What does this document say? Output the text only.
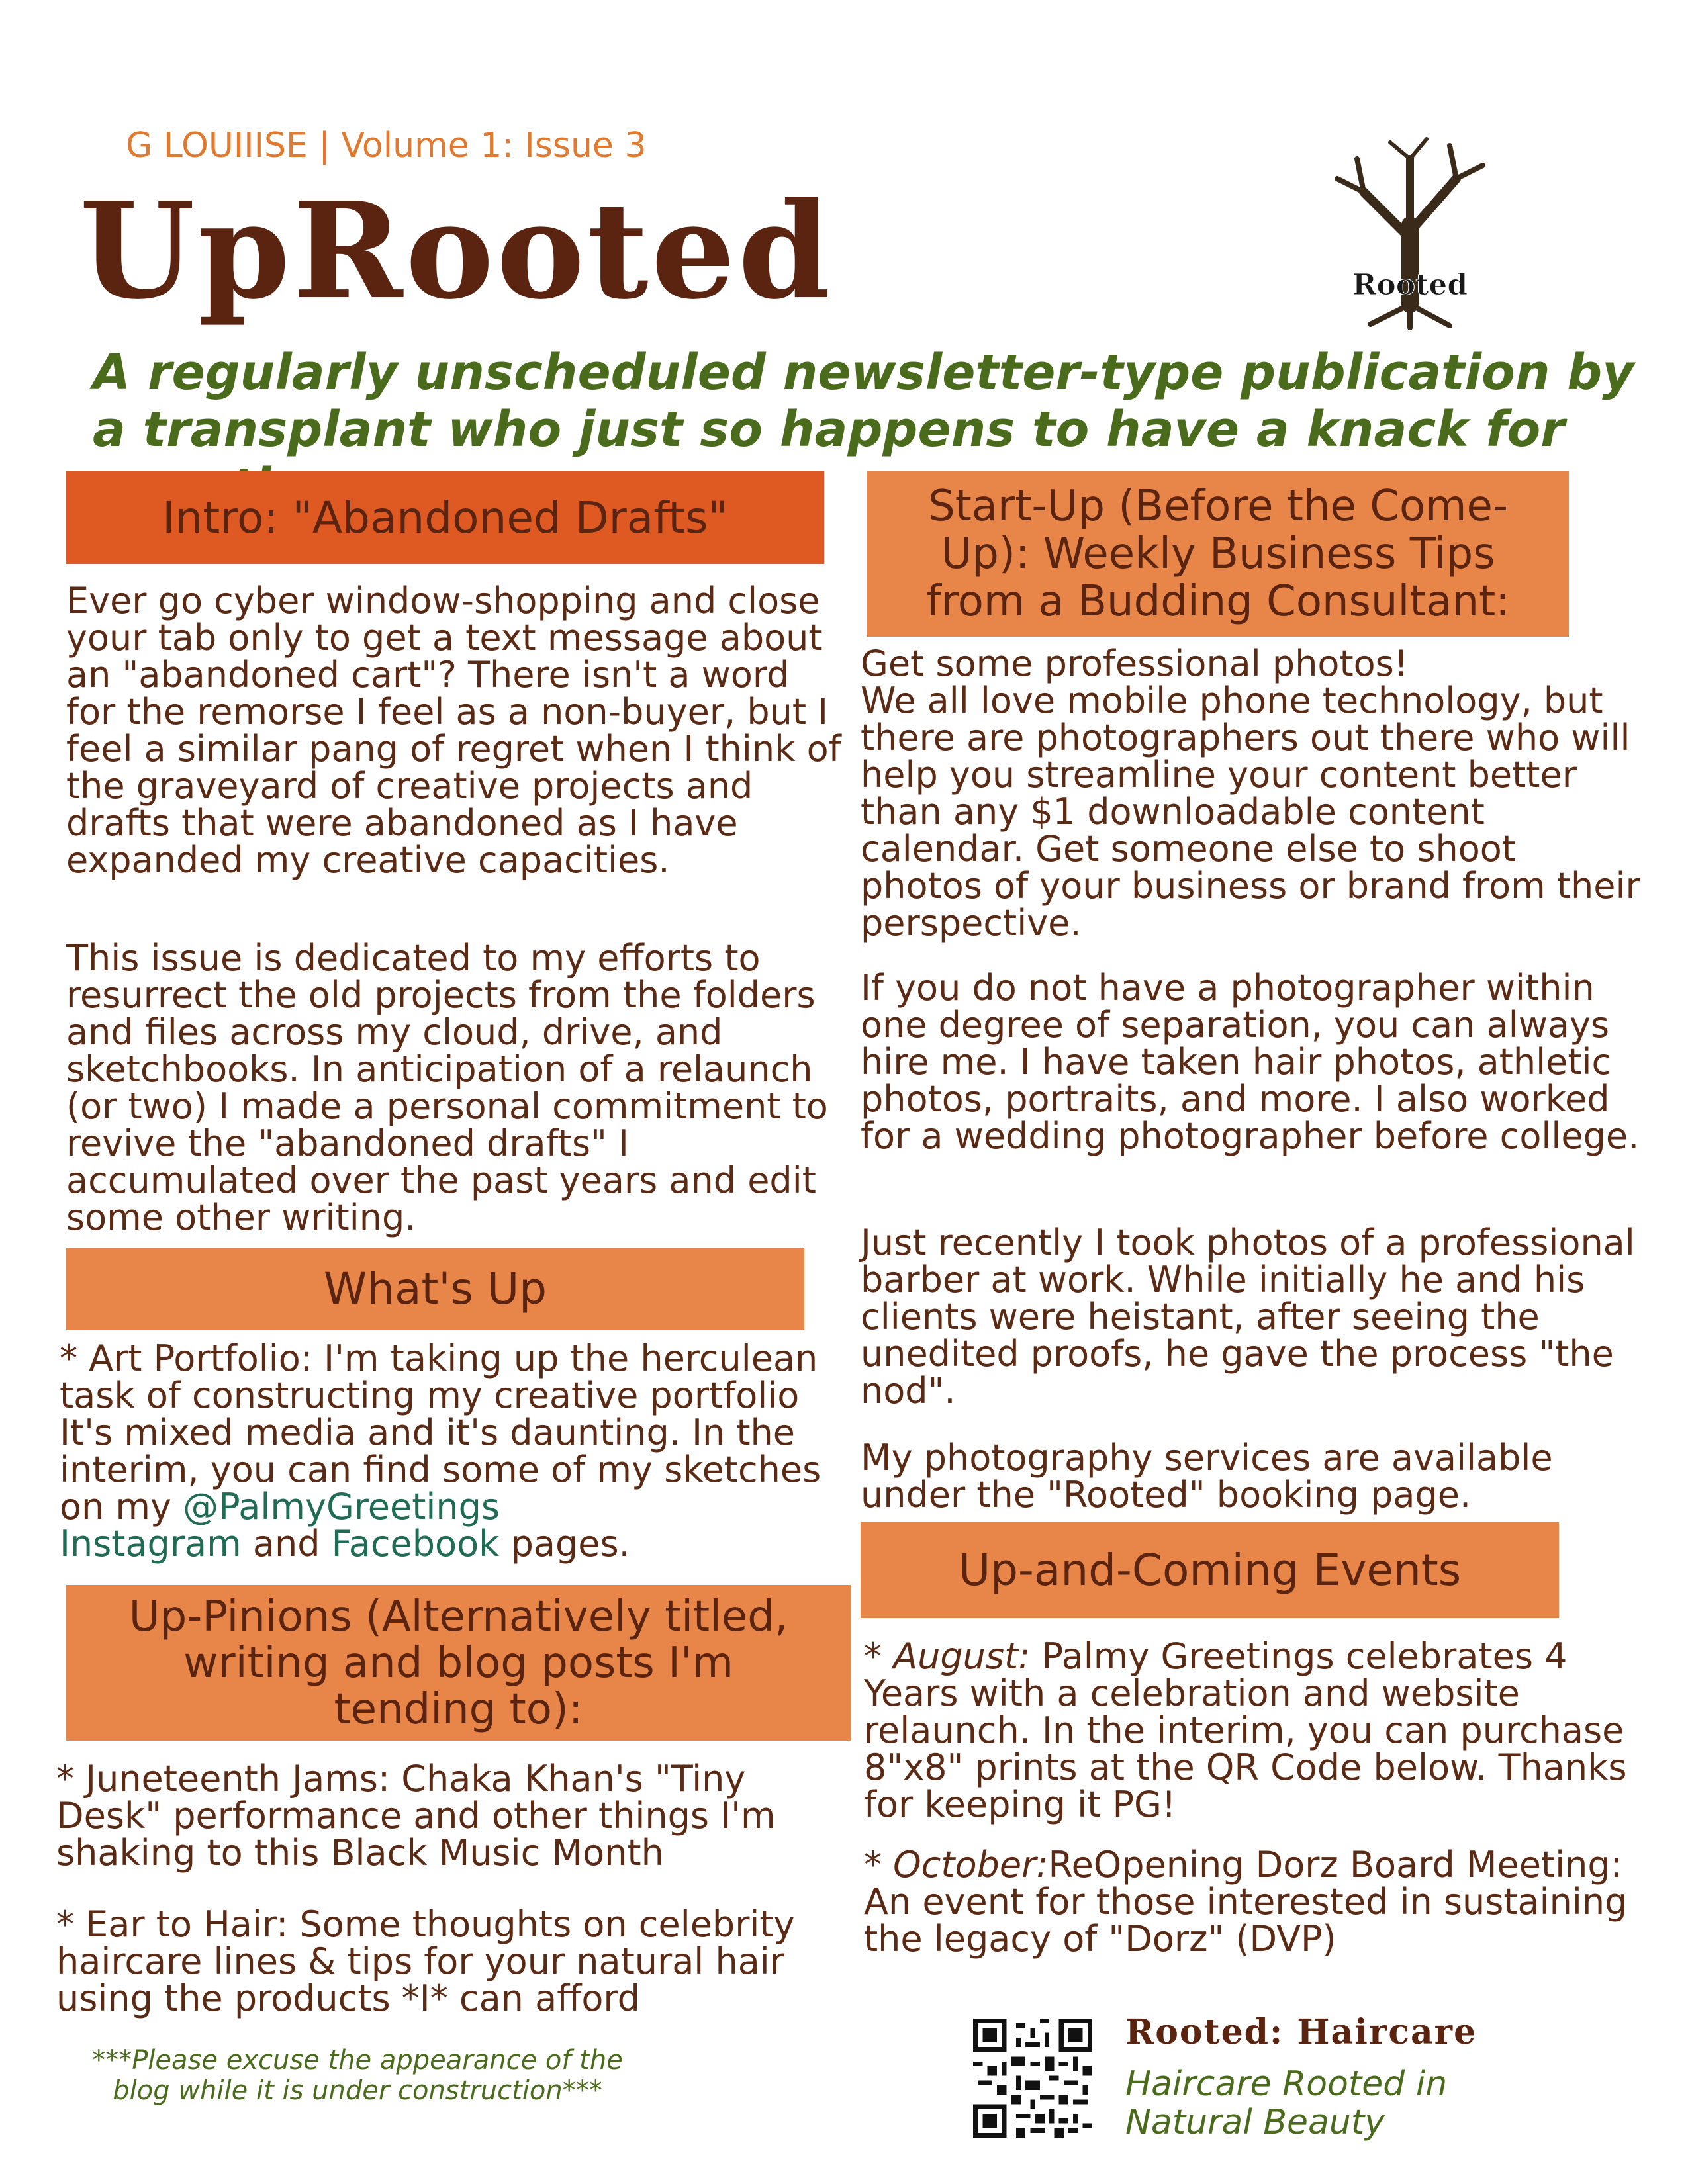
G LOUIIISE | Volume 1: Issue 3
UpRooted	Rooted
A regularly unscheduled newsletter-type publication by a transplant who just so happens to have a knack for
Intro: "Abandoned Drafts"
Ever go cyber window-shopping and close your tab only to get a text message about an "abandoned cart"? There isn't a word for the remorse I feel as a non-buyer, but I feel a similar pang of regret when I think of the graveyard of creative projects and drafts that were abandoned as I have expanded my creative capacities.
This issue is dedicated to my efforts to resurrect the old projects from the folders and files across my cloud, drive, and sketchbooks. In anticipation of a relaunch (or two) I made a personal commitment to revive the "abandoned drafts" I accumulated over the past years and edit some other writing.
What's Up
* Art Portfolio: I'm taking up the herculean task of constructing my creative portfolio It's mixed media and it's daunting. In the interim, you can find some of my sketches on my @PalmyGreetings
Instagram and Facebook pages.
Up-Pinions (Alternatively titled, writing and blog posts I'm tending to):
* Juneteenth Jams: Chaka Khan's "Tiny Desk" performance and other things I'm shaking to this Black Music Month
* Ear to Hair: Some thoughts on celebrity haircare lines & tips for your natural hair using the products *I* can afford
***Please excuse the appearance of the blog while it is under construction***
Start-Up (Before the Come-Up): Weekly Business Tips from a Budding Consultant:
Get some professional photos!
We all love mobile phone technology, but there are photographers out there who will help you streamline your content better than any $1 downloadable content calendar. Get someone else to shoot photos of your business or brand from their perspective.
If you do not have a photographer within one degree of separation, you can always hire me. I have taken hair photos, athletic photos, portraits, and more. I also worked for a wedding photographer before college.
Just recently I took photos of a professional barber at work. While initially he and his clients were heistant, after seeing the unedited proofs, he gave the process "the nod".
My photography services are available under the "Rooted" booking page.
Up-and-Coming Events
* August: Palmy Greetings celebrates 4 Years with a celebration and website relaunch. In the interim, you can purchase 8"x8" prints at the QR Code below. Thanks for keeping it PG!
* October:ReOpening Dorz Board Meeting: An event for those interested in sustaining the legacy of "Dorz" (DVP)
Rooted: Haircare
Haircare Rooted in Natural Beauty
